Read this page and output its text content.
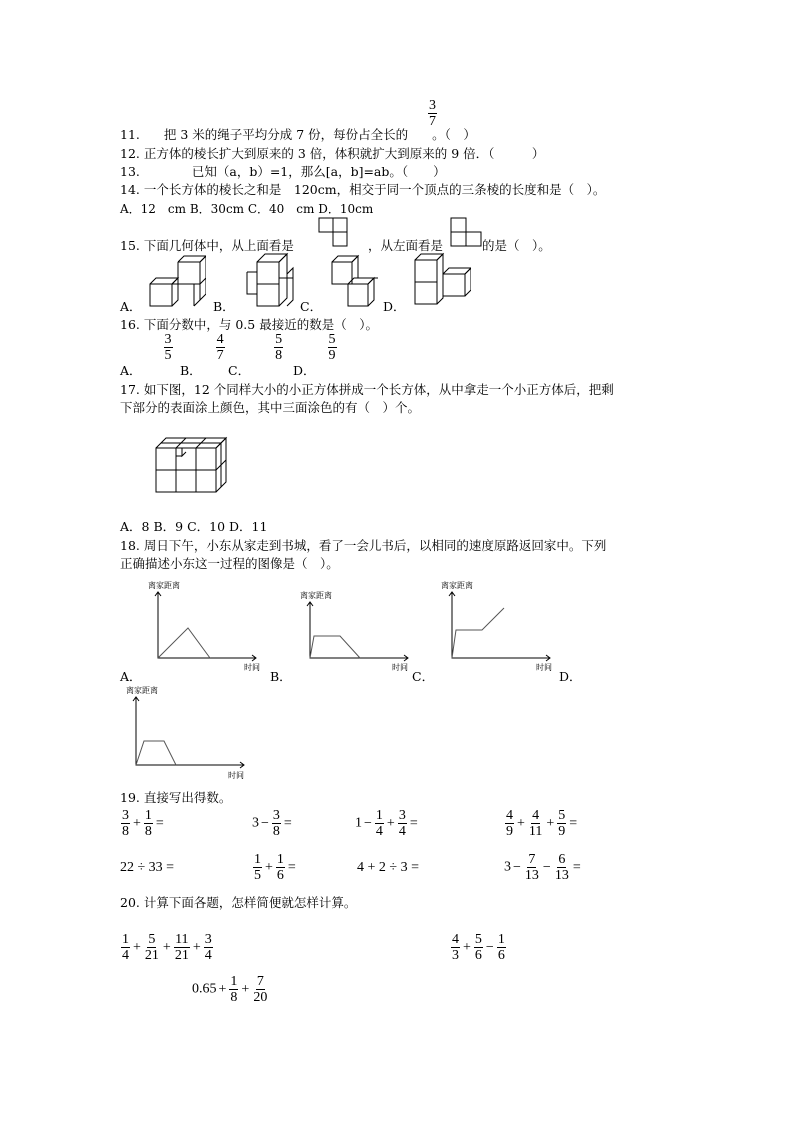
$\frac{3}{7}$
11. 把 3 米的绳子平均分成 7 份，每份占全长的 。（　）
12. 正方体的棱长扩大到原来的 3 倍，体积就扩大到原来的 9 倍．（　　　）
13.	已知（a，b）=1，那么[a，b]=ab。（　　）
14. 一个长方体的棱长之和是　120cm，相交于同一个顶点的三条棱的长度和是（　）。
A．12　cm B．30cm C．40　cm D．10cm
15. 下面几何体中，从上面看是	，从左面看是	的是（　）。
A．	B．	C．	D．
16. 下面分数中，与 0.5 最接近的数是（　）。
A．
$\frac{3}{5}$
B．
$\frac{4}{7}$
C．
$\frac{5}{8}$
D．
$\frac{5}{9}$
17. 如下图，12 个同样大小的小正方体拼成一个长方体，从中拿走一个小正方体后，把剩
下部分的表面涂上颜色，其中三面涂色的有（　）个。
A．8 B．9 C．10 D．11
18. 周日下午，小东从家走到书城，看了一会儿书后，以相同的速度原路返回家中。下列
正确描述小东这一过程的图像是（　）。
离家距离
时间
A．
离家距离
时间
B．
离家距离
时间
C．	D．
离家距离
时间
19. 直接写出得数。
$\frac{3}{8} + \frac{1}{8}$ =	$3 - \frac{3}{8}$ =	$1 - \frac{1}{4} + \frac{3}{4}$ =	$\frac{4}{9} + \frac{4}{11} + \frac{5}{9}$ =
22 ÷ 33 =	$\frac{1}{5} + \frac{1}{6}$ =	4 + 2 ÷ 3 =	$3 - \frac{7}{13} - \frac{6}{13}$ =
20. 计算下面各题，怎样简便就怎样计算。
$\frac{1}{4} + \frac{5}{21} + \frac{11}{21} + \frac{3}{4}$	$\frac{4}{3} + \frac{5}{6} - \frac{1}{6}$
$0.65 + \frac{1}{8} + \frac{7}{20}$
